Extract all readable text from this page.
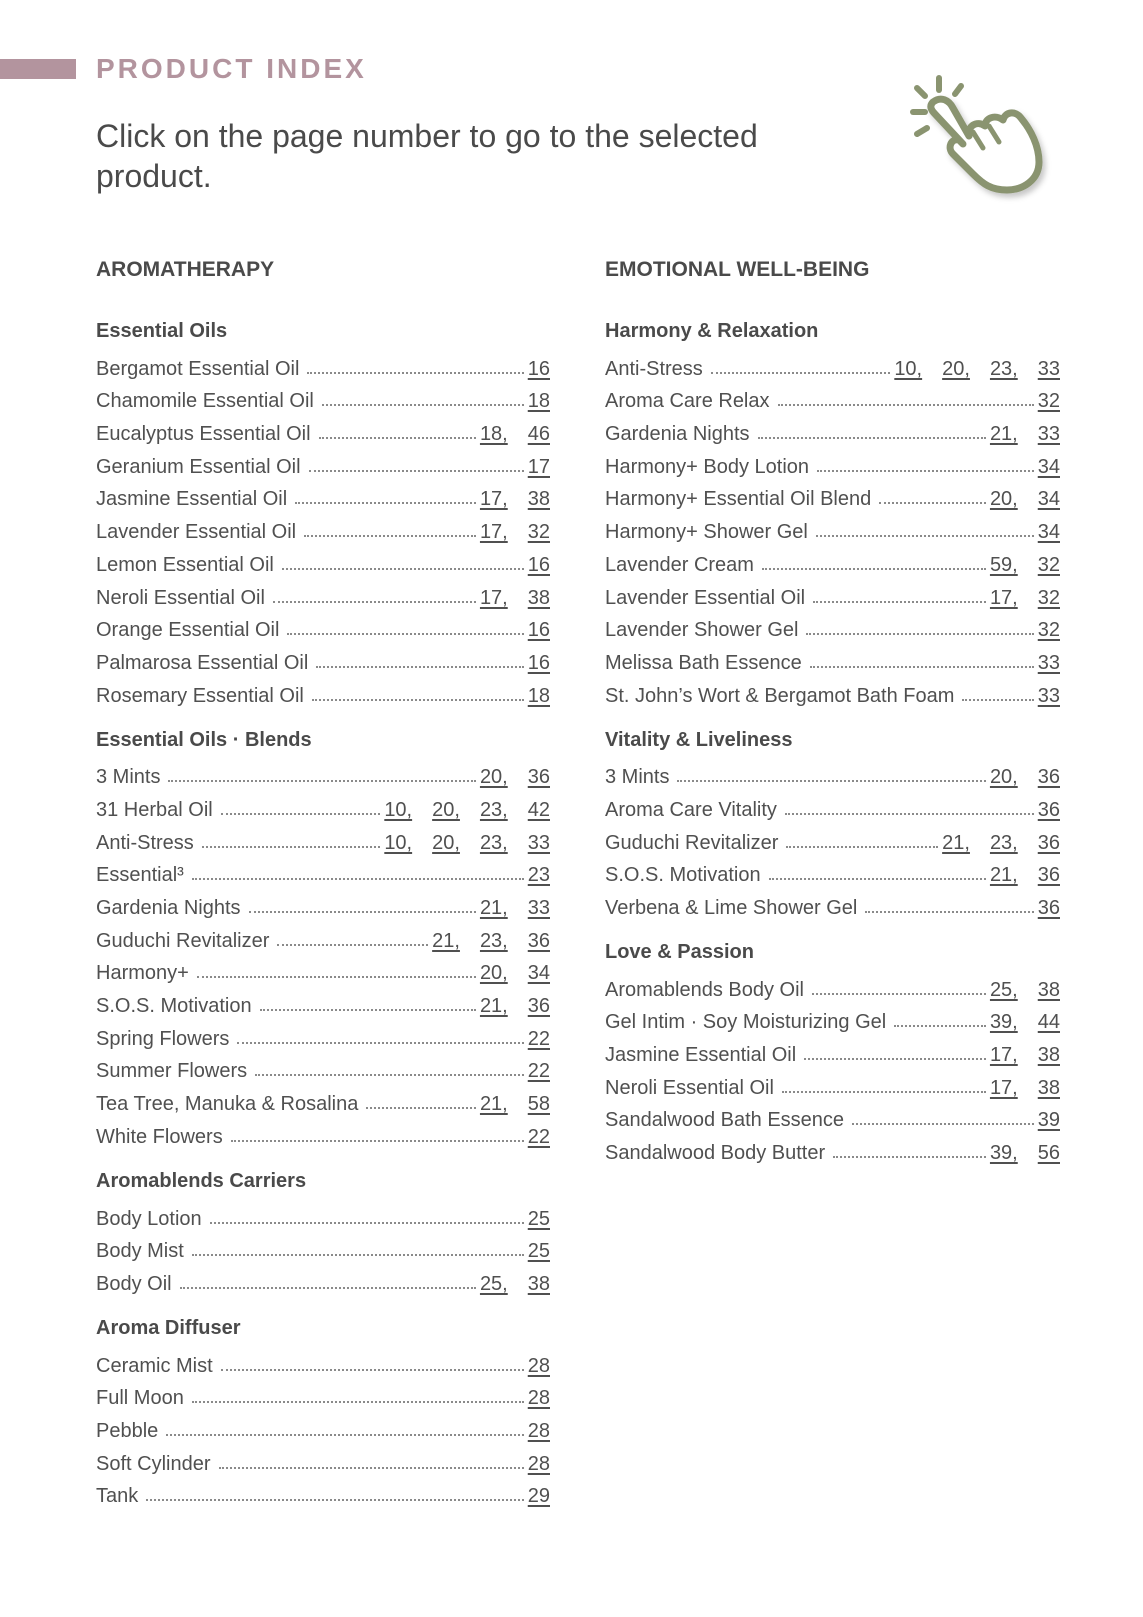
PRODUCT INDEX

Click on the page number to go to the selected product.

AROMATHERAPY
Essential Oils
Bergamot Essential Oil	16
Chamomile Essential Oil	18
Eucalyptus Essential Oil	18, 46
Geranium Essential Oil	17
Jasmine Essential Oil	17, 38
Lavender Essential Oil	17, 32
Lemon Essential Oil	16
Neroli Essential Oil	17, 38
Orange Essential Oil	16
Palmarosa Essential Oil	16
Rosemary Essential Oil	18
Essential Oils · Blends
3 Mints	20, 36
31 Herbal Oil	10, 20, 23, 42
Anti-Stress	10, 20, 23, 33
Essential³	23
Gardenia Nights	21, 33
Guduchi Revitalizer	21, 23, 36
Harmony+	20, 34
S.O.S. Motivation	21, 36
Spring Flowers	22
Summer Flowers	22
Tea Tree, Manuka & Rosalina	21, 58
White Flowers	22
Aromablends Carriers
Body Lotion	25
Body Mist	25
Body Oil	25, 38
Aroma Diffuser
Ceramic Mist	28
Full Moon	28
Pebble	28
Soft Cylinder	28
Tank	29
EMOTIONAL WELL-BEING
Harmony & Relaxation
Anti-Stress	10, 20, 23, 33
Aroma Care Relax	32
Gardenia Nights	21, 33
Harmony+ Body Lotion	34
Harmony+ Essential Oil Blend	20, 34
Harmony+ Shower Gel	34
Lavender Cream	59, 32
Lavender Essential Oil	17, 32
Lavender Shower Gel	32
Melissa Bath Essence	33
St. John’s Wort & Bergamot Bath Foam	33
Vitality & Liveliness
3 Mints	20, 36
Aroma Care Vitality	36
Guduchi Revitalizer	21, 23, 36
S.O.S. Motivation	21, 36
Verbena & Lime Shower Gel	36
Love & Passion
Aromablends Body Oil	25, 38
Gel Intim · Soy Moisturizing Gel	39, 44
Jasmine Essential Oil	17, 38
Neroli Essential Oil	17, 38
Sandalwood Bath Essence	39
Sandalwood Body Butter	39, 56
